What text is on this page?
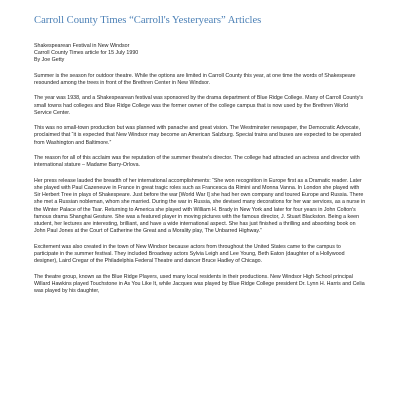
Carroll County Times “Carroll's Yesteryears” Articles
Shakespearean Festival in New Windsor
Carroll County Times article for 15 July 1990
By Joe Getty

Summer is the season for outdoor theatre. While the options are limited in Carroll County this year, at one time the words of Shakespeare resounded among the trees in front of the Brethren Center in New Windsor.

The year was 1938, and a Shakespearean festival was sponsored by the drama department of Blue Ridge College. Many of Carroll County's small towns had colleges and Blue Ridge College was the former owner of the college campus that is now used by the Brethren World Service Center.

This was no small-town production but was planned with panache and great vision. The Westminster newspaper, the Democratic Advocate, proclaimed that “it is expected that New Windsor may become an American Salzburg. Special trains and buses are expected to be operated from Washington and Baltimore.”

The reason for all of this acclaim was the reputation of the summer theatre's director. The college had attracted an actress and director with international stature – Madame Barry-Orlova.

Her press release lauded the breadth of her international accomplishments: “She won recognition in Europe first as a Dramatic reader. Later she played with Paul Cazeneuve in France in great tragic roles such as Francesca da Rimini and Monna Vanna. In London she played with Sir Herbert Tree in plays of Shakespeare. Just before the war [World War I] she had her own company and toured Europe and Russia. There she met a Russian nobleman, whom she married. During the war in Russia, she devised many decorations for her war services, as a nurse in the Winter Palace of the Tsar. Returning to America she played with William H. Brady in New York and later for four years in John Colton's famous drama Shanghai Gesture. She was a featured player in moving pictures with the famous director, J. Stuart Blackston. Being a keen student, her lectures are interesting, brilliant, and have a wide international aspect. She has just finished a thrilling and absorbing book on John Paul Jones at the Court of Catherine the Great and a Morality play, The Unbarred Highway.”

Excitement was also created in the town of New Windsor because actors from throughout the United States came to the campus to participate in the summer festival. They included Broadway actors Sylvia Leigh and Lee Young, Beth Eaton (daughter of a Hollywood designer), Laird Cregar of the Philadelphia Federal Theatre and dancer Bruce Hadley of Chicago.

The theatre group, known as the Blue Ridge Players, used many local residents in their productions. New Windsor High School principal Willard Hawkins played Touchstone in As You Like It, while Jacques was played by Blue Ridge College president Dr. Lynn H. Harris and Celia was played by his daughter,
